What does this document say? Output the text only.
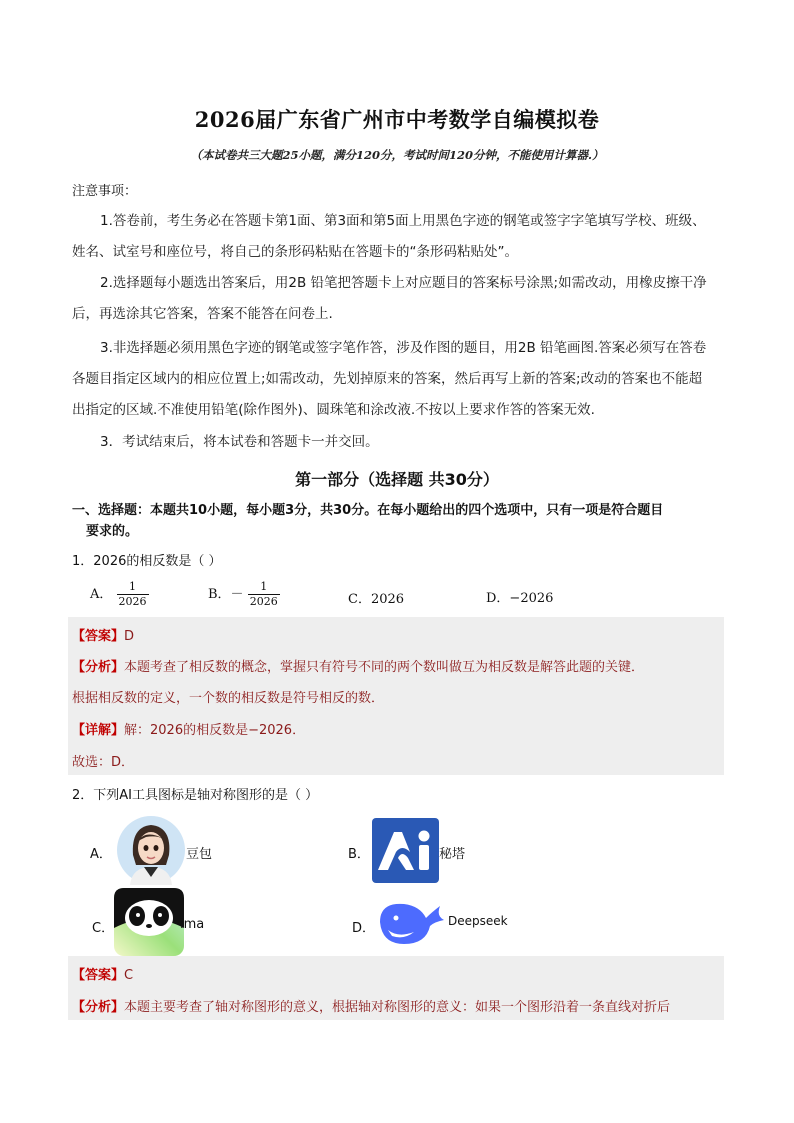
2026届广东省广州市中考数学自编模拟卷
（本试卷共三大题25小题，满分120分，考试时间120分钟，不能使用计算器.）
注意事项：
1.答卷前，考生务必在答题卡第1面、第3面和第5面上用黑色字迹的钢笔或签字字笔填写学校、班级、
姓名、试室号和座位号，将自己的条形码粘贴在答题卡的“条形码粘贴处”。
2.选择题每小题选出答案后，用2B 铅笔把答题卡上对应题目的答案标号涂黑;如需改动，用橡皮擦干净
后，再选涂其它答案，答案不能答在问卷上.
3.非选择题必须用黑色字迹的钢笔或签字笔作答，涉及作图的题目，用2B 铅笔画图.答案必须写在答卷
各题目指定区域内的相应位置上;如需改动，先划掉原来的答案，然后再写上新的答案;改动的答案也不能超
出指定的区域.不准使用铅笔(除作图外)、圆珠笔和涂改液.不按以上要求作答的答案无效.
3．考试结束后，将本试卷和答题卡一并交回。
第一部分（选择题 共30分）
一、选择题：本题共10小题，每小题3分，共30分。在每小题给出的四个选项中，只有一项是符合题目
要求的。
1．2026的相反数是（ ）
A． $\frac{1}{2026}$	B．－ $\frac{1}{2026}$	C．2026	D．−2026
【答案】D
【分析】本题考查了相反数的概念，掌握只有符号不同的两个数叫做互为相反数是解答此题的关键．
根据相反数的定义，一个数的相反数是符号相反的数．
【详解】解：2026的相反数是−2026．
故选：D．
2．下列AI工具图标是轴对称图形的是（ ）
A．	豆包	B．	秘塔
C．	ima	D．	Deepseek
【答案】C
【分析】本题主要考查了轴对称图形的意义，根据轴对称图形的意义：如果一个图形沿着一条直线对折后
